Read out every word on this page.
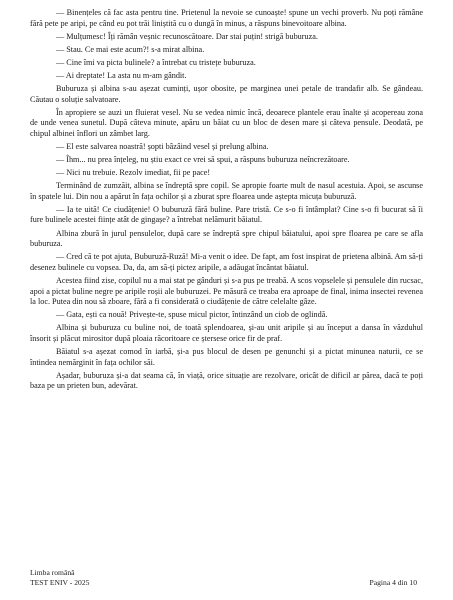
— Binențeles că fac asta pentru tine. Prietenul la nevoie se cunoaște! spune un vechi proverb. Nu poți rămâne fără pete pe aripi, pe când eu pot trăi liniștită cu o dungă în minus, a răspuns binevoitoare albina.

— Mulțumesc! Îți rămân veșnic recunoscătoare. Dar stai puțin! strigă buburuza.

— Stau. Ce mai este acum?! s-a mirat albina.

— Cine îmi va picta bulinele? a întrebat cu tristețe buburuza.

— Ai dreptate! La asta nu m-am gândit.

Buburuza și albina s-au așezat cuminți, ușor obosite, pe marginea unei petale de trandafir alb. Se gândeau. Căutau o soluție salvatoare.

În apropiere se auzi un fluierat vesel. Nu se vedea nimic încă, deoarece plantele erau înalte și acopereau zona de unde venea sunetul. După câteva minute, apăru un băiat cu un bloc de desen mare și câteva pensule. Deodată, pe chipul albinei înflori un zâmbet larg.

— El este salvarea noastră! șopti bâzâind vesel și prelung albina.

— Îhm... nu prea înțeleg, nu știu exact ce vrei să spui, a răspuns buburuza neîncrezătoare.

— Nici nu trebuie. Rezolv imediat, fii pe pace!

Terminând de zumzăit, albina se îndreptă spre copil. Se apropie foarte mult de nasul acestuia. Apoi, se ascunse în spatele lui. Din nou a apărut în fața ochilor și a zburat spre floarea unde aștepta micuța buburuză.

— Ia te uită! Ce ciudățenie! O buburuză fără buline. Pare tristă. Ce s-o fi întâmplat? Cine s-o fi bucurat să îi fure bulinele acestei ființe atât de gingașe? a întrebat nelămurit băiatul.

Albina zbură în jurul pensulelor, după care se îndreptă spre chipul băiatului, apoi spre floarea pe care se afla buburuza.

— Cred că te pot ajuta, Buburuză-Ruză! Mi-a venit o idee. De fapt, am fost inspirat de prietena albină. Am să-ți desenez bulinele cu vopsea. Da, da, am să-ți pictez aripile, a adăugat încântat băiatul.

Acestea fiind zise, copilul nu a mai stat pe gânduri și s-a pus pe treabă. A scos vopselele și pensulele din rucsac, apoi a pictat buline negre pe aripile roșii ale buburuzei. Pe măsură ce treaba era aproape de final, inima insectei revenea la loc. Putea din nou să zboare, fără a fi considerată o ciudățenie de către celelalte gâze.

— Gata, ești ca nouă! Privește-te, spuse micul pictor, întinzând un ciob de oglindă.

Albina și buburuza cu buline noi, de toată splendoarea, și-au unit aripile și au început a dansa în văzduhul însorit și plăcut mirositor după ploaia răcoritoare ce ștersese orice fir de praf.

Băiatul s-a așezat comod în iarbă, și-a pus blocul de desen pe genunchi și a pictat minunea naturii, ce se întindea nemărginit în fața ochilor săi.

Așadar, buburuza și-a dat seama că, în viață, orice situație are rezolvare, oricât de dificil ar părea, dacă te poți baza pe un prieten bun, adevărat.

Limba română
TEST ENIV - 2025	Pagina 4 din 10
